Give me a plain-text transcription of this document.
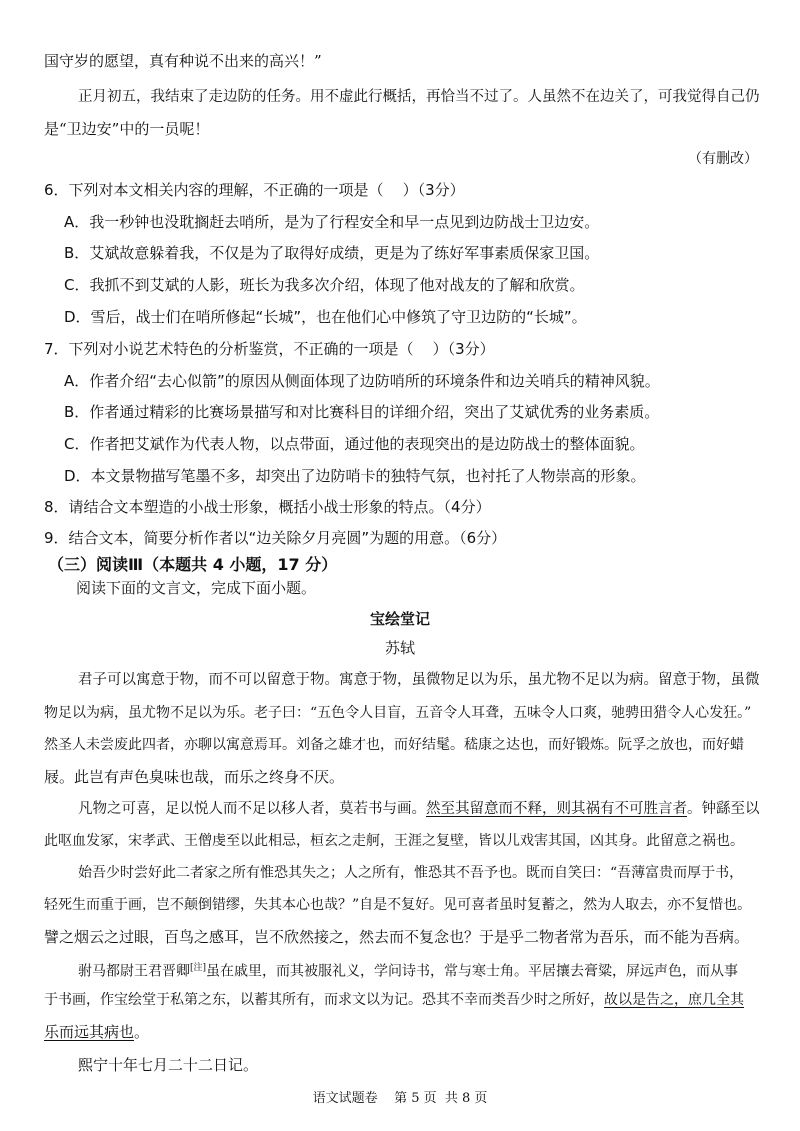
国守岁的愿望，真有种说不出来的高兴！”
正月初五，我结束了走边防的任务。用不虚此行概括，再恰当不过了。人虽然不在边关了，可我觉得自己仍
是“卫边安”中的一员呢！
（有删改）
6．下列对本文相关内容的理解，不正确的一项是（    ）（3分）
A．我一秒钟也没耽搁赶去哨所，是为了行程安全和早一点见到边防战士卫边安。
B．艾斌故意躲着我，不仅是为了取得好成绩，更是为了练好军事素质保家卫国。
C．我抓不到艾斌的人影，班长为我多次介绍，体现了他对战友的了解和欣赏。
D．雪后，战士们在哨所修起“长城”，也在他们心中修筑了守卫边防的“长城”。
7．下列对小说艺术特色的分析鉴赏，不正确的一项是（    ）（3分）
A．作者介绍“去心似箭”的原因从侧面体现了边防哨所的环境条件和边关哨兵的精神风貌。
B．作者通过精彩的比赛场景描写和对比赛科目的详细介绍，突出了艾斌优秀的业务素质。
C．作者把艾斌作为代表人物，以点带面，通过他的表现突出的是边防战士的整体面貌。
D．本文景物描写笔墨不多，却突出了边防哨卡的独特气氛，也衬托了人物崇高的形象。
8．请结合文本塑造的小战士形象，概括小战士形象的特点。（4分）
9．结合文本，简要分析作者以“边关除夕月亮圆”为题的用意。（6分）
（三）阅读Ⅲ（本题共 4 小题，17 分）
阅读下面的文言文，完成下面小题。
宝绘堂记
苏轼
君子可以寓意于物，而不可以留意于物。寓意于物，虽微物足以为乐，虽尤物不足以为病。留意于物，虽微
物足以为病，虽尤物不足以为乐。老子曰：“五色令人目盲，五音令人耳聋，五味令人口爽，驰骋田猎令人心发狂。”
然圣人未尝废此四者，亦聊以寓意焉耳。刘备之雄才也，而好结髦。嵇康之达也，而好锻炼。阮孚之放也，而好蜡
屐。此岂有声色臭味也哉，而乐之终身不厌。
凡物之可喜，足以悦人而不足以移人者，莫若书与画。然至其留意而不释，则其祸有不可胜言者。钟繇至以
此呕血发冢，宋孝武、王僧虔至以此相忌，桓玄之走舸，王涯之复壁，皆以儿戏害其国，凶其身。此留意之祸也。
始吾少时尝好此二者家之所有惟恐其失之；人之所有，惟恐其不吾予也。既而自笑曰：“吾薄富贵而厚于书，
轻死生而重于画，岂不颠倒错缪，失其本心也哉？”自是不复好。见可喜者虽时复蓄之，然为人取去，亦不复惜也。
譬之烟云之过眼，百鸟之感耳，岂不欣然接之，然去而不复念也？于是乎二物者常为吾乐，而不能为吾病。
驸马都尉王君晋卿[注]虽在戚里，而其被服礼义，学问诗书，常与寒士角。平居攘去膏粱，屏远声色，而从事
于书画，作宝绘堂于私第之东，以蓄其所有，而求文以为记。恐其不幸而类吾少时之所好，故以是告之，庶几全其
乐而远其病也。
熙宁十年七月二十二日记。
语文试题卷    第 5 页  共 8 页
